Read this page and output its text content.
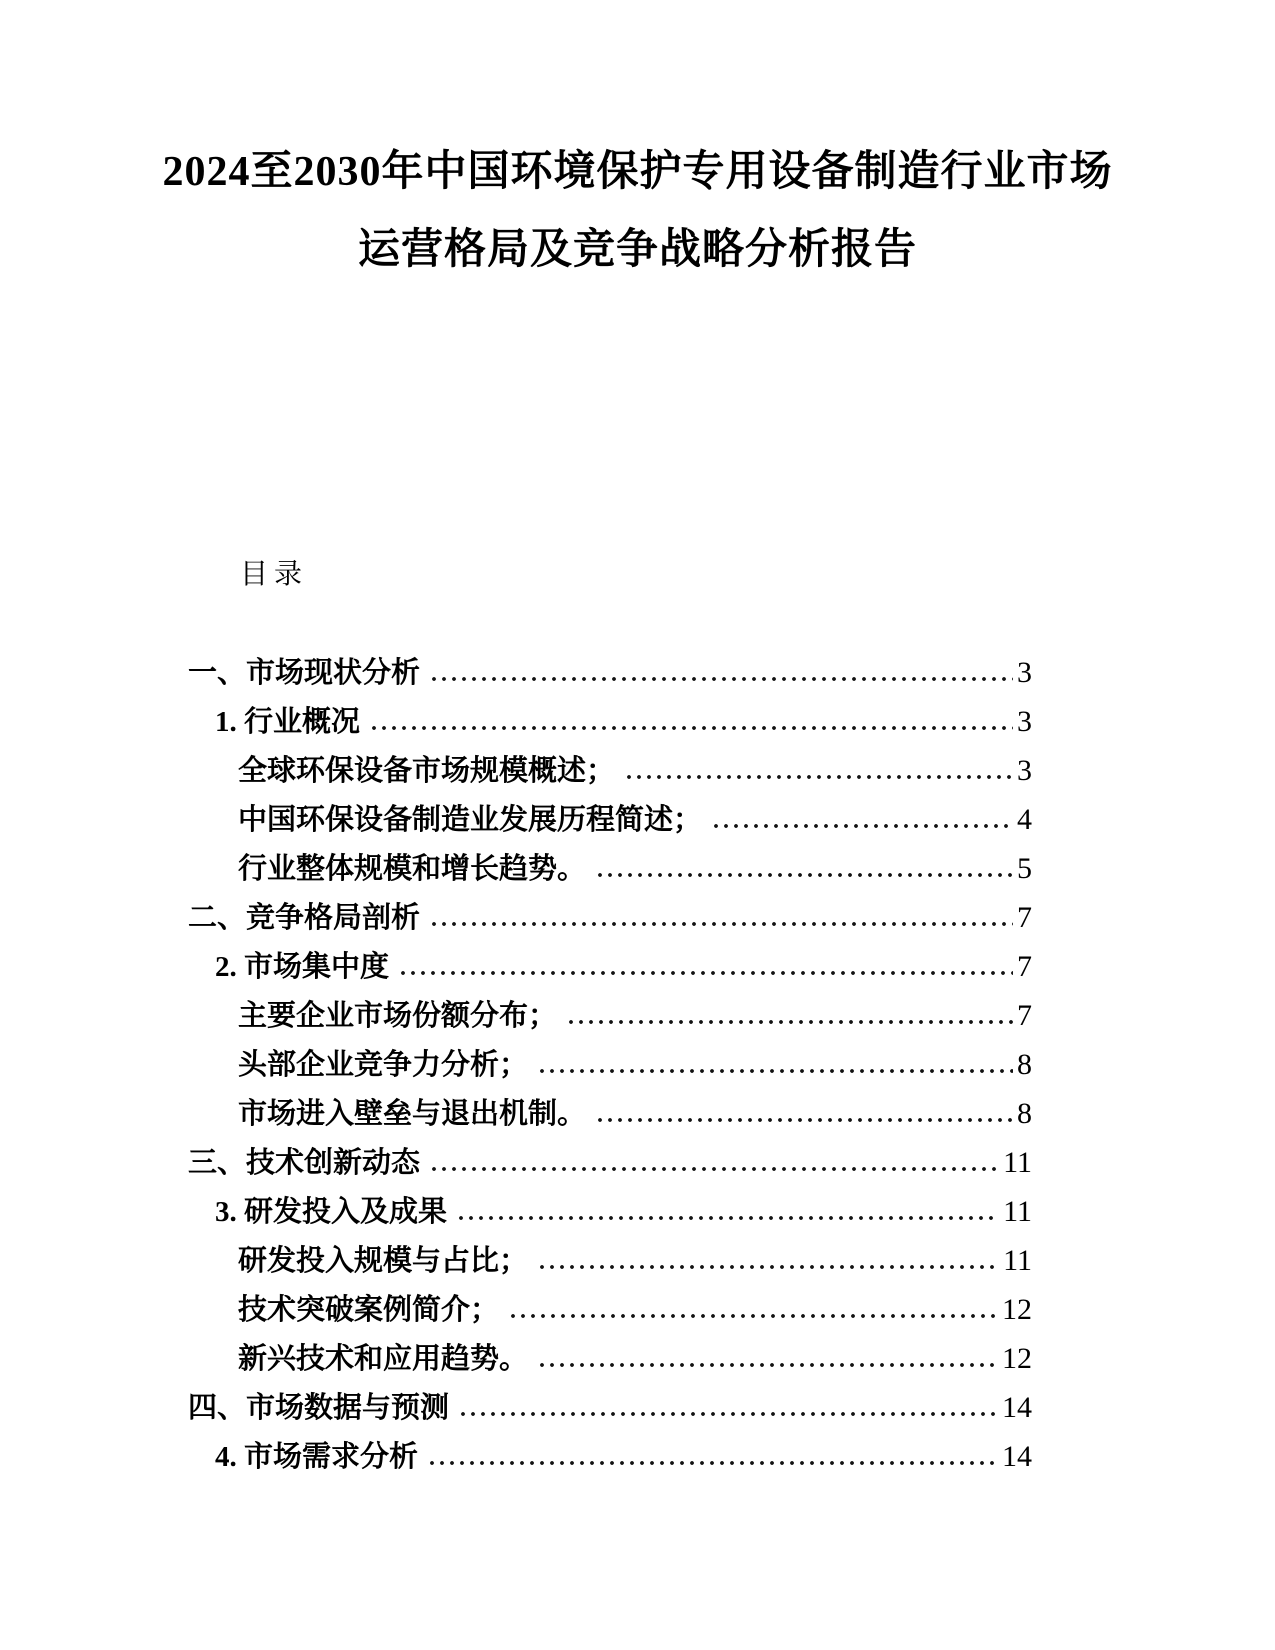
2024至2030年中国环境保护专用设备制造行业市场
运营格局及竞争战略分析报告
目录
一、市场现状分析	3
1. 行业概况	3
全球环保设备市场规模概述；	3
中国环保设备制造业发展历程简述；	4
行业整体规模和增长趋势。	5
二、竞争格局剖析	7
2. 市场集中度	7
主要企业市场份额分布；	7
头部企业竞争力分析；	8
市场进入壁垒与退出机制。	8
三、技术创新动态	11
3. 研发投入及成果	11
研发投入规模与占比；	11
技术突破案例简介；	12
新兴技术和应用趋势。	12
四、市场数据与预测	14
4. 市场需求分析	14
